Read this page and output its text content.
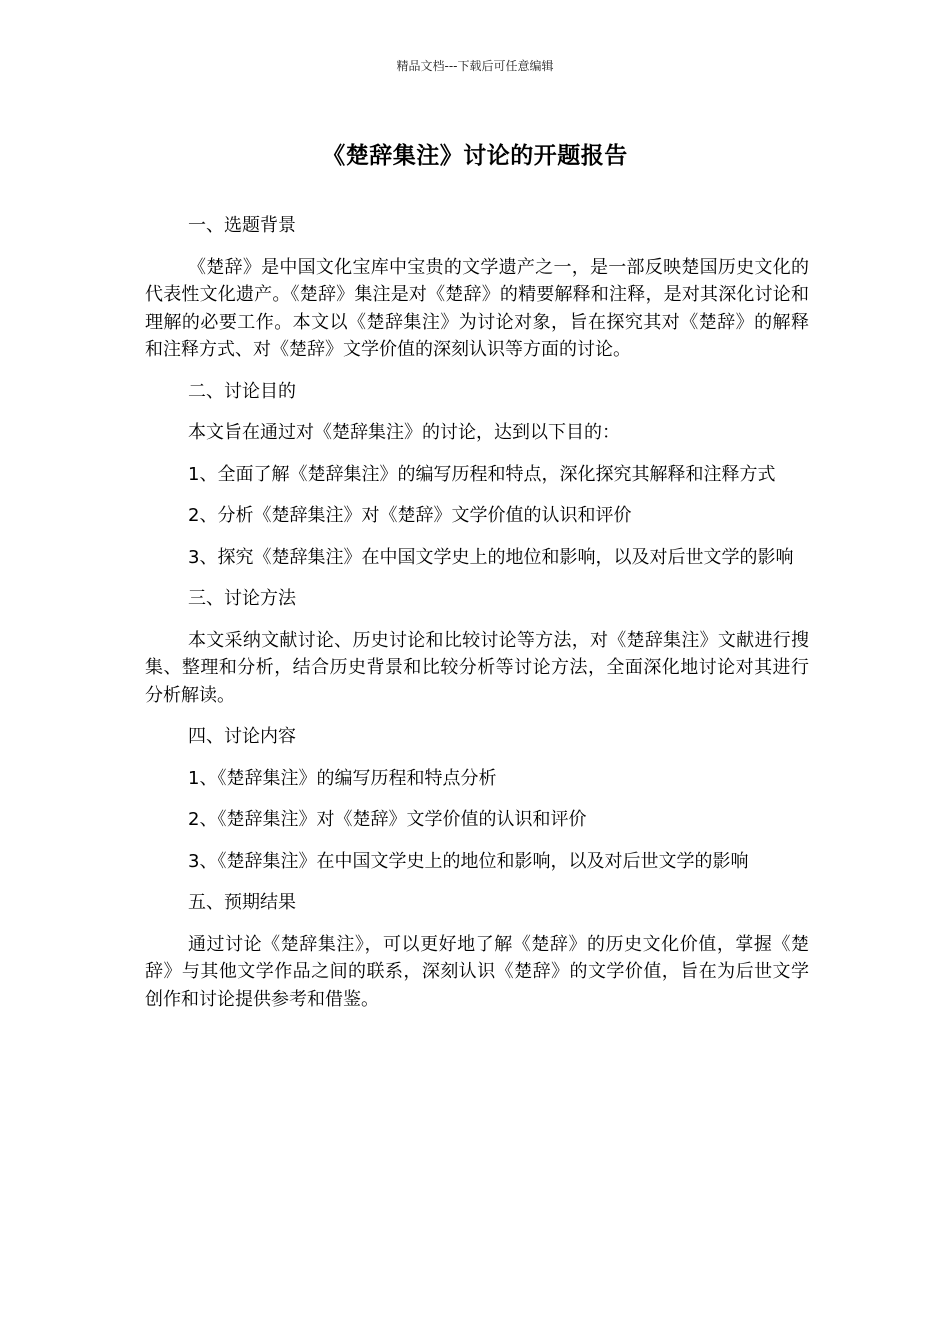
精品文档---下载后可任意编辑
《楚辞集注》讨论的开题报告

一、选题背景

《楚辞》是中国文化宝库中宝贵的文学遗产之一，是一部反映楚国历史文化的代表性文化遗产。《楚辞》集注是对《楚辞》的精要解释和注释，是对其深化讨论和理解的必要工作。本文以《楚辞集注》为讨论对象，旨在探究其对《楚辞》的解释和注释方式、对《楚辞》文学价值的深刻认识等方面的讨论。

二、讨论目的

本文旨在通过对《楚辞集注》的讨论，达到以下目的：

1、全面了解《楚辞集注》的编写历程和特点，深化探究其解释和注释方式

2、分析《楚辞集注》对《楚辞》文学价值的认识和评价

3、探究《楚辞集注》在中国文学史上的地位和影响，以及对后世文学的影响

三、讨论方法

本文采纳文献讨论、历史讨论和比较讨论等方法，对《楚辞集注》文献进行搜集、整理和分析，结合历史背景和比较分析等讨论方法，全面深化地讨论对其进行分析解读。

四、讨论内容

1、《楚辞集注》的编写历程和特点分析

2、《楚辞集注》对《楚辞》文学价值的认识和评价

3、《楚辞集注》在中国文学史上的地位和影响，以及对后世文学的影响

五、预期结果

通过讨论《楚辞集注》，可以更好地了解《楚辞》的历史文化价值，掌握《楚辞》与其他文学作品之间的联系，深刻认识《楚辞》的文学价值，旨在为后世文学创作和讨论提供参考和借鉴。
